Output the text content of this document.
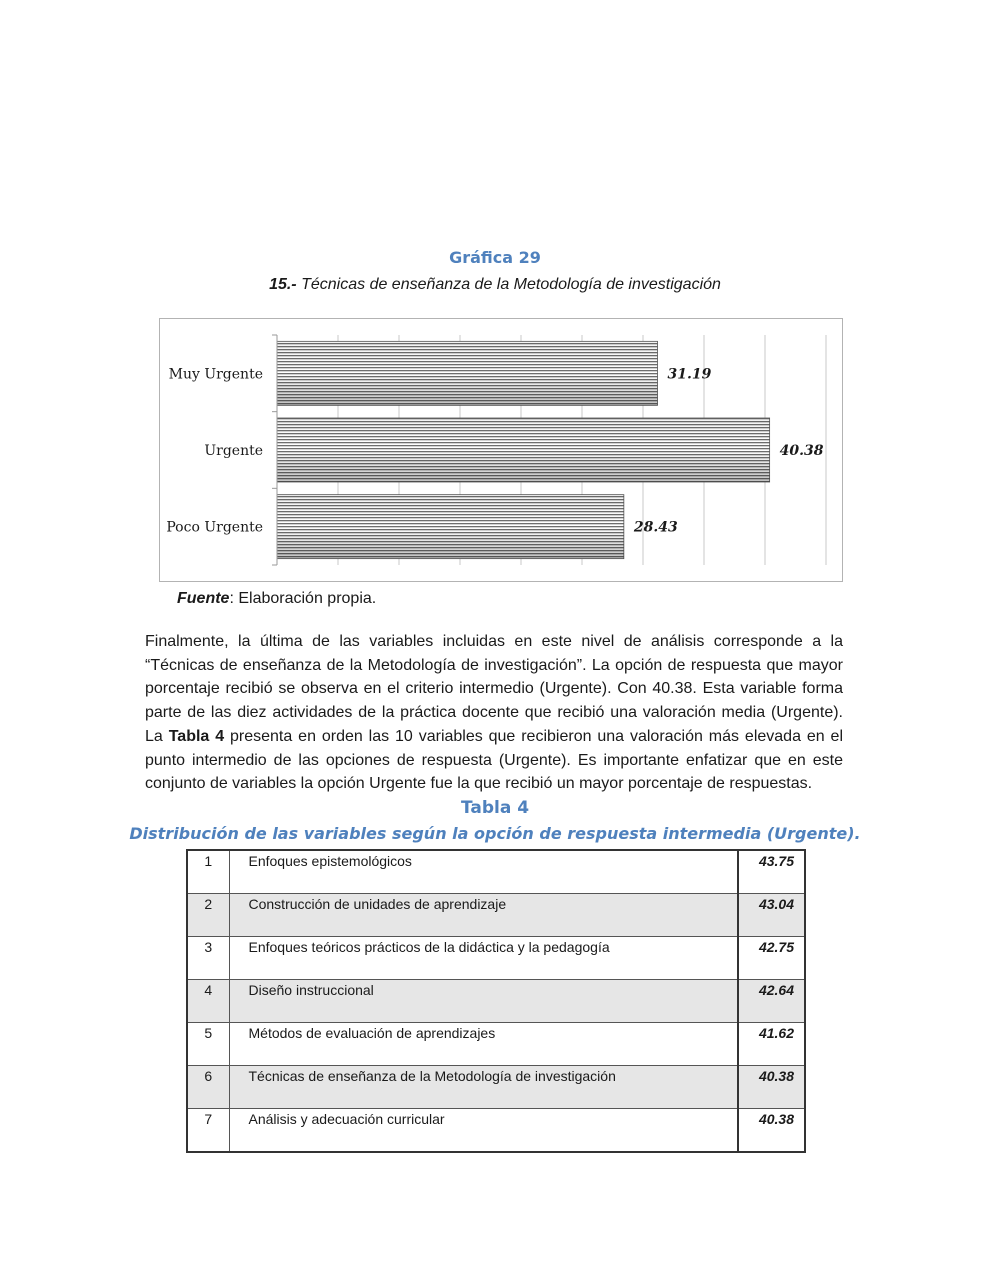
Gráfica 29
15.- Técnicas de enseñanza de la Metodología de investigación
31.19
40.38
28.43
Muy Urgente
Urgente
Poco Urgente
Fuente: Elaboración propia.

Finalmente, la última de las variables incluidas en este nivel de análisis corresponde a la “Técnicas de enseñanza de la Metodología de investigación”. La opción de respuesta que mayor porcentaje recibió se observa en el criterio intermedio (Urgente). Con 40.38. Esta variable forma parte de las diez actividades de la práctica docente que recibió una valoración media (Urgente). La Tabla 4 presenta en orden las 10 variables que recibieron una valoración más elevada en el punto intermedio de las opciones de respuesta (Urgente). Es importante enfatizar que en este conjunto de variables la opción Urgente fue la que recibió un mayor porcentaje de respuestas.

Tabla 4
Distribución de las variables según la opción de respuesta intermedia (Urgente).
1	Enfoques epistemológicos	43.75
2	Construcción de unidades de aprendizaje	43.04
3	Enfoques teóricos prácticos de la didáctica y la pedagogía	42.75
4	Diseño instruccional	42.64
5	Métodos de evaluación de aprendizajes	41.62
6	Técnicas de enseñanza de la Metodología de investigación	40.38
7	Análisis y adecuación curricular	40.38
